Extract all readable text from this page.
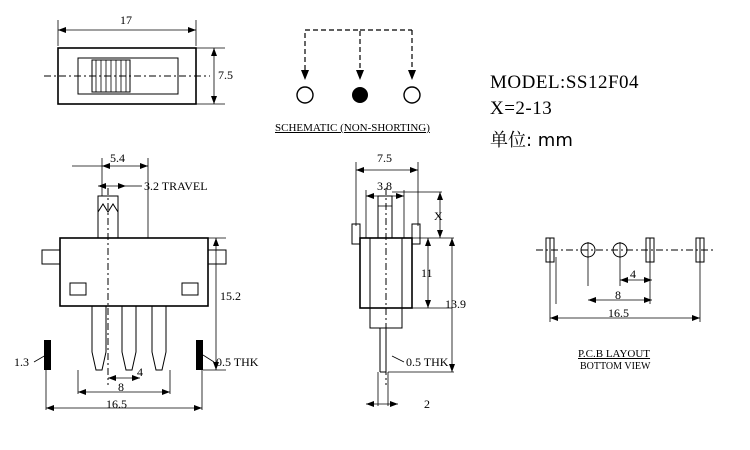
17
7.5
SCHEMATIC (NON-SHORTING)
MODEL:SS12F04
X=2-13
单位: mm
5.4
3.2 TRAVEL
15.2
1.3
4
8
0.5 THK
16.5
7.5
3.8
X
11
13.9
0.5 THK
2
4
8
16.5
P.C.B LAYOUT
BOTTOM VIEW
